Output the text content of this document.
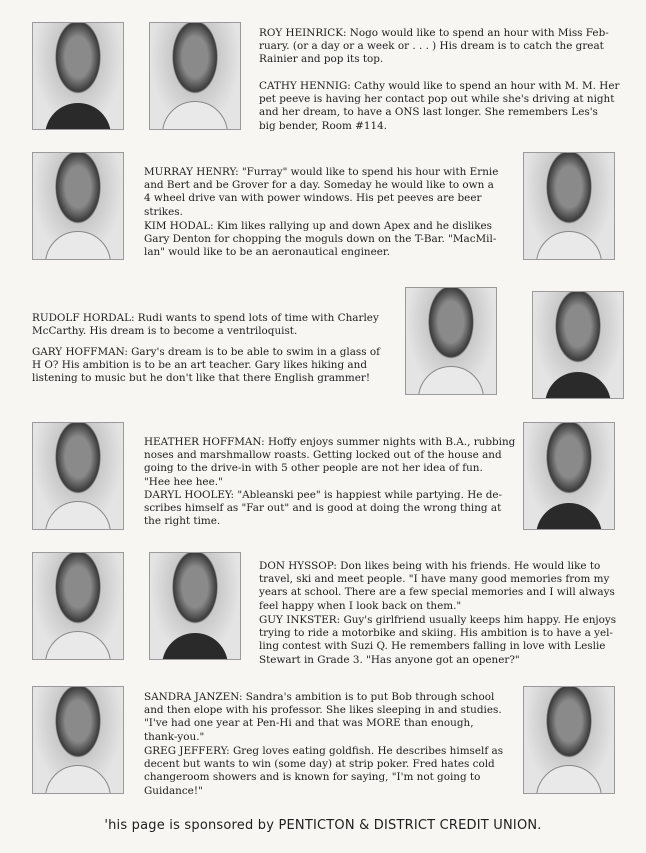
ROY HEINRICK: Nogo would like to spend an hour with Miss Feb-
ruary. (or a day or a week or . . . ) His dream is to catch the great
Rainier and pop its top.
CATHY HENNIG: Cathy would like to spend an hour with M. M. Her
pet peeve is having her contact pop out while she's driving at night
and her dream, to have a ONS last longer. She remembers Les's
big bender, Room #114.
MURRAY HENRY: "Furray" would like to spend his hour with Ernie
and Bert and be Grover for a day. Someday he would like to own a
4 wheel drive van with power windows. His pet peeves are beer
strikes.
KIM HODAL: Kim likes rallying up and down Apex and he dislikes
Gary Denton for chopping the moguls down on the T-Bar. "MacMil-
lan" would like to be an aeronautical engineer.
RUDOLF HORDAL: Rudi wants to spend lots of time with Charley
McCarthy. His dream is to become a ventriloquist.
GARY HOFFMAN: Gary's dream is to be able to swim in a glass of
H O? His ambition is to be an art teacher. Gary likes hiking and
listening to music but he don't like that there English grammer!
HEATHER HOFFMAN: Hoffy enjoys summer nights with B.A., rubbing
noses and marshmallow roasts. Getting locked out of the house and
going to the drive-in with 5 other people are not her idea of fun.
"Hee hee hee."
DARYL HOOLEY: "Ableanski pee" is happiest while partying. He de-
scribes himself as "Far out" and is good at doing the wrong thing at
the right time.
DON HYSSOP: Don likes being with his friends. He would like to
travel, ski and meet people. "I have many good memories from my
years at school. There are a few special memories and I will always
feel happy when I look back on them."
GUY INKSTER: Guy's girlfriend usually keeps him happy. He enjoys
trying to ride a motorbike and skiing. His ambition is to have a yel-
ling contest with Suzi Q. He remembers falling in love with Leslie
Stewart in Grade 3. "Has anyone got an opener?"
SANDRA JANZEN: Sandra's ambition is to put Bob through school
and then elope with his professor. She likes sleeping in and studies.
"I've had one year at Pen-Hi and that was MORE than enough,
thank-you."
GREG JEFFERY: Greg loves eating goldfish. He describes himself as
decent but wants to win (some day) at strip poker. Fred hates cold
changeroom showers and is known for saying, "I'm not going to
Guidance!"
'his page is sponsored by PENTICTON & DISTRICT CREDIT UNION.
